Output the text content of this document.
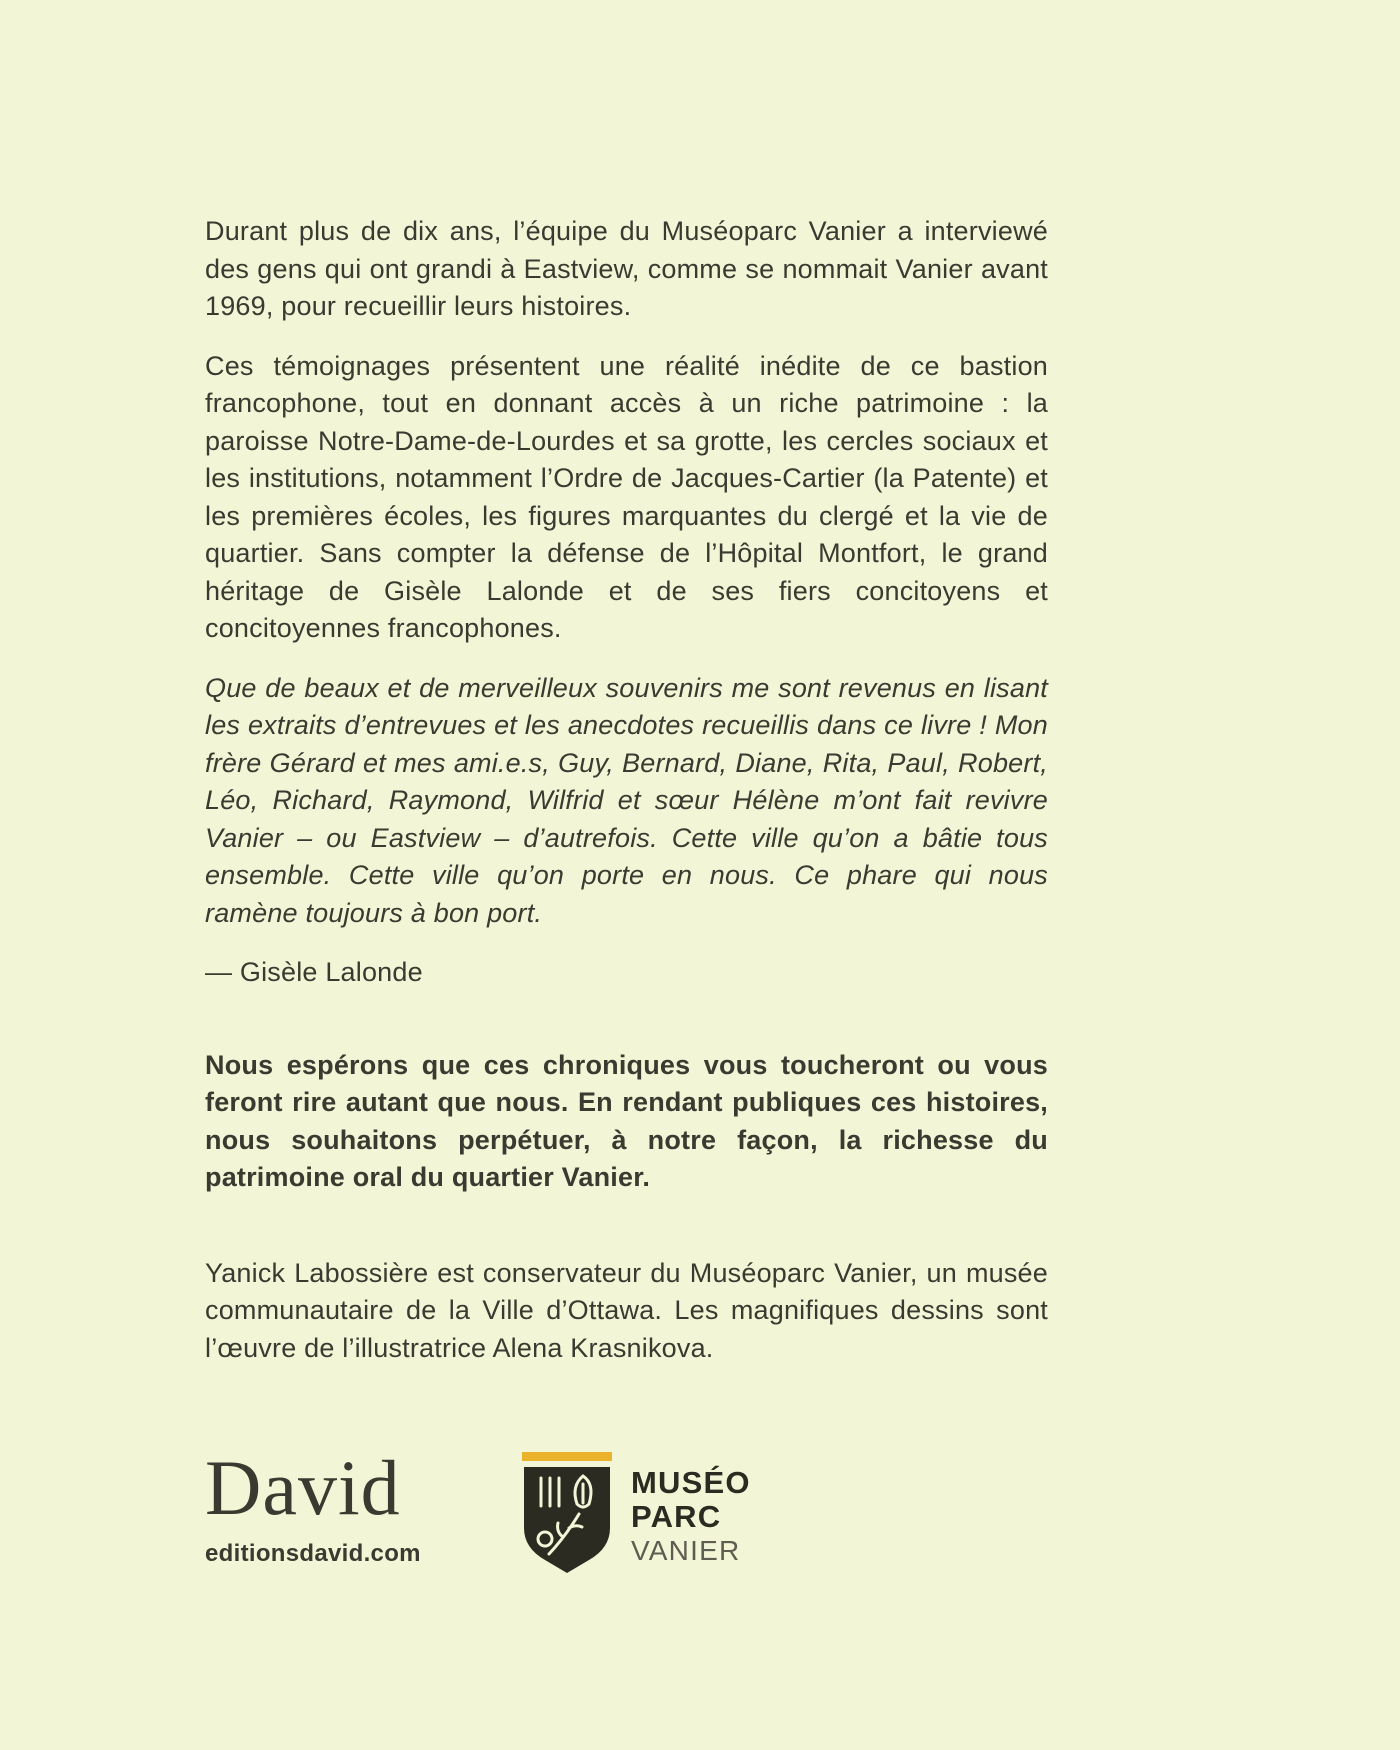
Durant plus de dix ans, l’équipe du Muséoparc Vanier a interviewé des gens qui ont grandi à Eastview, comme se nommait Vanier avant 1969, pour recueillir leurs histoires.

Ces témoignages présentent une réalité inédite de ce bastion francophone, tout en donnant accès à un riche patrimoine : la paroisse Notre-Dame-de-Lourdes et sa grotte, les cercles sociaux et les institutions, notamment l’Ordre de Jacques-Cartier (la Patente) et les premières écoles, les figures marquantes du clergé et la vie de quartier. Sans compter la défense de l’Hôpital Montfort, le grand héritage de Gisèle Lalonde et de ses fiers concitoyens et concitoyennes francophones.

Que de beaux et de merveilleux souvenirs me sont revenus en lisant les extraits d’entrevues et les anecdotes recueillis dans ce livre ! Mon frère Gérard et mes ami.e.s, Guy, Bernard, Diane, Rita, Paul, Robert, Léo, Richard, Raymond, Wilfrid et sœur Hélène m’ont fait revivre Vanier – ou Eastview – d’autrefois. Cette ville qu’on a bâtie tous ensemble. Cette ville qu’on porte en nous. Ce phare qui nous ramène toujours à bon port.

— Gisèle Lalonde

Nous espérons que ces chroniques vous toucheront ou vous feront rire autant que nous. En rendant publiques ces histoires, nous souhaitons perpétuer, à notre façon, la richesse du patrimoine oral du quartier Vanier.

Yanick Labossière est conservateur du Muséoparc Vanier, un musée communautaire de la Ville d’Ottawa. Les magnifiques dessins sont l’œuvre de l’illustratrice Alena Krasnikova.

David
editionsdavid.com
MUSÉO
PARC
VANIER
